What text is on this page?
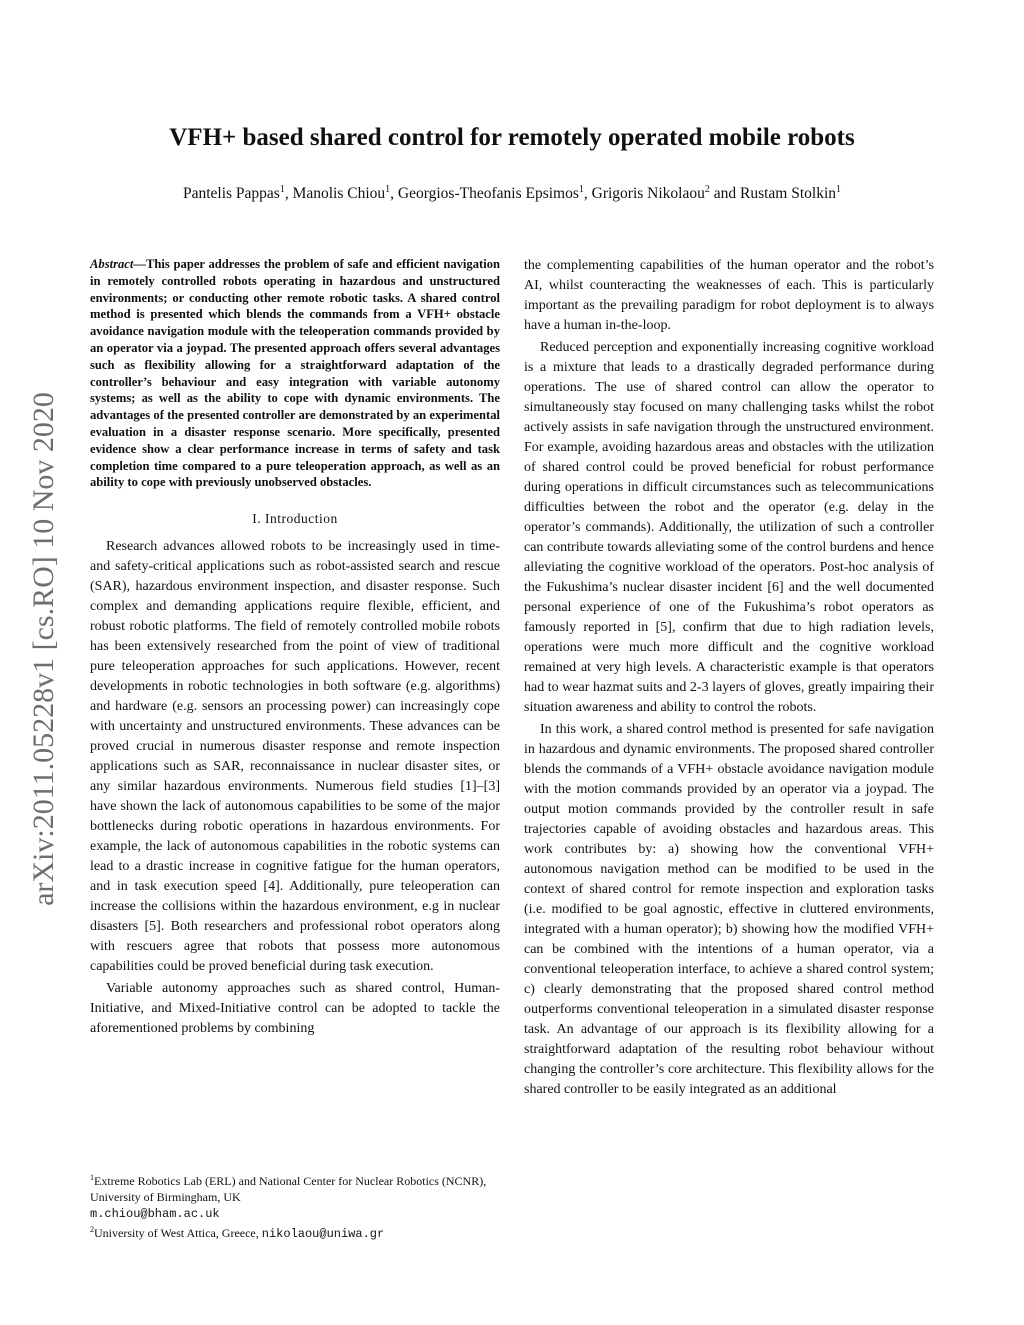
VFH+ based shared control for remotely operated mobile robots
Pantelis Pappas$^1$, Manolis Chiou$^1$, Georgios-Theofanis Epsimos$^1$, Grigoris Nikolaou$^2$ and Rustam Stolkin$^1$
arXiv:2011.05228v1 [cs.RO] 10 Nov 2020

Abstract—This paper addresses the problem of safe and efficient navigation in remotely controlled robots operating in hazardous and unstructured environments; or conducting other remote robotic tasks. A shared control method is presented which blends the commands from a VFH+ obstacle avoidance navigation module with the teleoperation commands provided by an operator via a joypad. The presented approach offers several advantages such as flexibility allowing for a straightforward adaptation of the controller’s behaviour and easy integration with variable autonomy systems; as well as the ability to cope with dynamic environments. The advantages of the presented controller are demonstrated by an experimental evaluation in a disaster response scenario. More specifically, presented evidence show a clear performance increase in terms of safety and task completion time compared to a pure teleoperation approach, as well as an ability to cope with previously unobserved obstacles.

I. Introduction

Research advances allowed robots to be increasingly used in time- and safety-critical applications such as robot-assisted search and rescue (SAR), hazardous environment inspection, and disaster response. Such complex and demanding applications require flexible, efficient, and robust robotic platforms. The field of remotely controlled mobile robots has been extensively researched from the point of view of traditional pure teleoperation approaches for such applications. However, recent developments in robotic technologies in both software (e.g. algorithms) and hardware (e.g. sensors an processing power) can increasingly cope with uncertainty and unstructured environments. These advances can be proved crucial in numerous disaster response and remote inspection applications such as SAR, reconnaissance in nuclear disaster sites, or any similar hazardous environments. Numerous field studies [1]–[3] have shown the lack of autonomous capabilities to be some of the major bottlenecks during robotic operations in hazardous environments. For example, the lack of autonomous capabilities in the robotic systems can lead to a drastic increase in cognitive fatigue for the human operators, and in task execution speed [4]. Additionally, pure teleoperation can increase the collisions within the hazardous environment, e.g in nuclear disasters [5]. Both researchers and professional robot operators along with rescuers agree that robots that possess more autonomous capabilities could be proved beneficial during task execution.

Variable autonomy approaches such as shared control, Human-Initiative, and Mixed-Initiative control can be adopted to tackle the aforementioned problems by combining

$^1$Extreme Robotics Lab (ERL) and National Center for Nuclear Robotics (NCNR), University of Birmingham, UK
m.chiou@bham.ac.uk

$^2$University of West Attica, Greece, nikolaou@uniwa.gr

the complementing capabilities of the human operator and the robot’s AI, whilst counteracting the weaknesses of each. This is particularly important as the prevailing paradigm for robot deployment is to always have a human in-the-loop.

Reduced perception and exponentially increasing cognitive workload is a mixture that leads to a drastically degraded performance during operations. The use of shared control can allow the operator to simultaneously stay focused on many challenging tasks whilst the robot actively assists in safe navigation through the unstructured environment. For example, avoiding hazardous areas and obstacles with the utilization of shared control could be proved beneficial for robust performance during operations in difficult circumstances such as telecommunications difficulties between the robot and the operator (e.g. delay in the operator’s commands). Additionally, the utilization of such a controller can contribute towards alleviating some of the control burdens and hence alleviating the cognitive workload of the operators. Post-hoc analysis of the Fukushima’s nuclear disaster incident [6] and the well documented personal experience of one of the Fukushima’s robot operators as famously reported in [5], confirm that due to high radiation levels, operations were much more difficult and the cognitive workload remained at very high levels. A characteristic example is that operators had to wear hazmat suits and 2-3 layers of gloves, greatly impairing their situation awareness and ability to control the robots.

In this work, a shared control method is presented for safe navigation in hazardous and dynamic environments. The proposed shared controller blends the commands of a VFH+ obstacle avoidance navigation module with the motion commands provided by an operator via a joypad. The output motion commands provided by the controller result in safe trajectories capable of avoiding obstacles and hazardous areas. This work contributes by: a) showing how the conventional VFH+ autonomous navigation method can be modified to be used in the context of shared control for remote inspection and exploration tasks (i.e. modified to be goal agnostic, effective in cluttered environments, integrated with a human operator); b) showing how the modified VFH+ can be combined with the intentions of a human operator, via a conventional teleoperation interface, to achieve a shared control system; c) clearly demonstrating that the proposed shared control method outperforms conventional teleoperation in a simulated disaster response task. An advantage of our approach is its flexibility allowing for a straightforward adaptation of the resulting robot behaviour without changing the controller’s core architecture. This flexibility allows for the shared controller to be easily integrated as an additional
